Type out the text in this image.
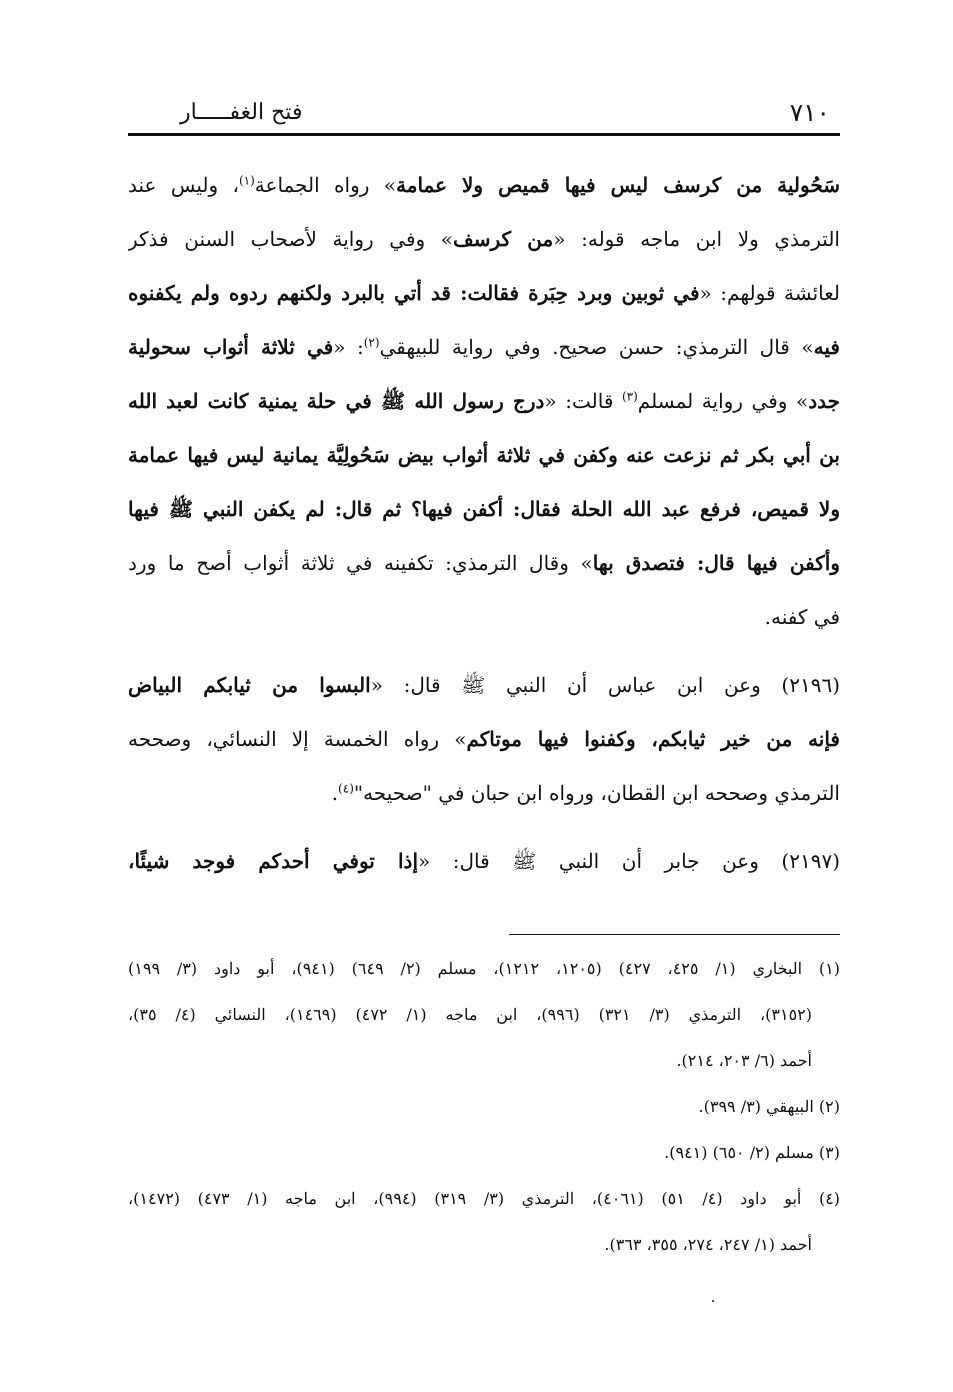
٧١٠
فتح الغفـــــار
سَحُولية من كرسف ليس فيها قميص ولا عمامة» رواه الجماعة$^{(١)}$، وليس عند
الترمذي ولا ابن ماجه قوله: «من كرسف» وفي رواية لأصحاب السنن فذكر
لعائشة قولهم: «في ثوبين وبرد حِبَرة فقالت: قد أتي بالبرد ولكنهم ردوه ولم يكفنوه
فيه» قال الترمذي: حسن صحيح. وفي رواية للبيهقي$^{(٢)}$: «في ثلاثة أثواب سحولية
جدد» وفي رواية لمسلم$^{(٣)}$ قالت: «درج رسول الله ﷺ في حلة يمنية كانت لعبد الله
بن أبي بكر ثم نزعت عنه وكفن في ثلاثة أثواب بيض سَحُولِيَّة يمانية ليس فيها عمامة
ولا قميص، فرفع عبد الله الحلة فقال: أكفن فيها؟ ثم قال: لم يكفن النبي ﷺ فيها
وأكفن فيها قال: فتصدق بها» وقال الترمذي: تكفينه في ثلاثة أثواب أصح ما ورد
في كفنه.
(٢١٩٦) وعن ابن عباس أن النبي ﷺ قال: «البسوا من ثيابكم البياض
فإنه من خير ثيابكم، وكفنوا فيها موتاكم» رواه الخمسة إلا النسائي، وصححه
الترمذي وصححه ابن القطان، ورواه ابن حبان في "صحيحه"$^{(٤)}$.
(٢١٩٧) وعن جابر أن النبي ﷺ قال: «إذا توفي أحدكم فوجد شيئًا،
(١) البخاري (١/ ٤٢٥، ٤٢٧) (١٢٠٥، ١٢١٢)، مسلم (٢/ ٦٤٩) (٩٤١)، أبو داود (٣/ ١٩٩)
(٣١٥٢)، الترمذي (٣/ ٣٢١) (٩٩٦)، ابن ماجه (١/ ٤٧٢) (١٤٦٩)، النسائي (٤/ ٣٥)،
أحمد (٦/ ٢٠٣، ٢١٤).
(٢) البيهقي (٣/ ٣٩٩).
(٣) مسلم (٢/ ٦٥٠) (٩٤١).
(٤) أبو داود (٤/ ٥١) (٤٠٦١)، الترمذي (٣/ ٣١٩) (٩٩٤)، ابن ماجه (١/ ٤٧٣) (١٤٧٢)،
أحمد (١/ ٢٤٧، ٢٧٤، ٣٥٥، ٣٦٣).
